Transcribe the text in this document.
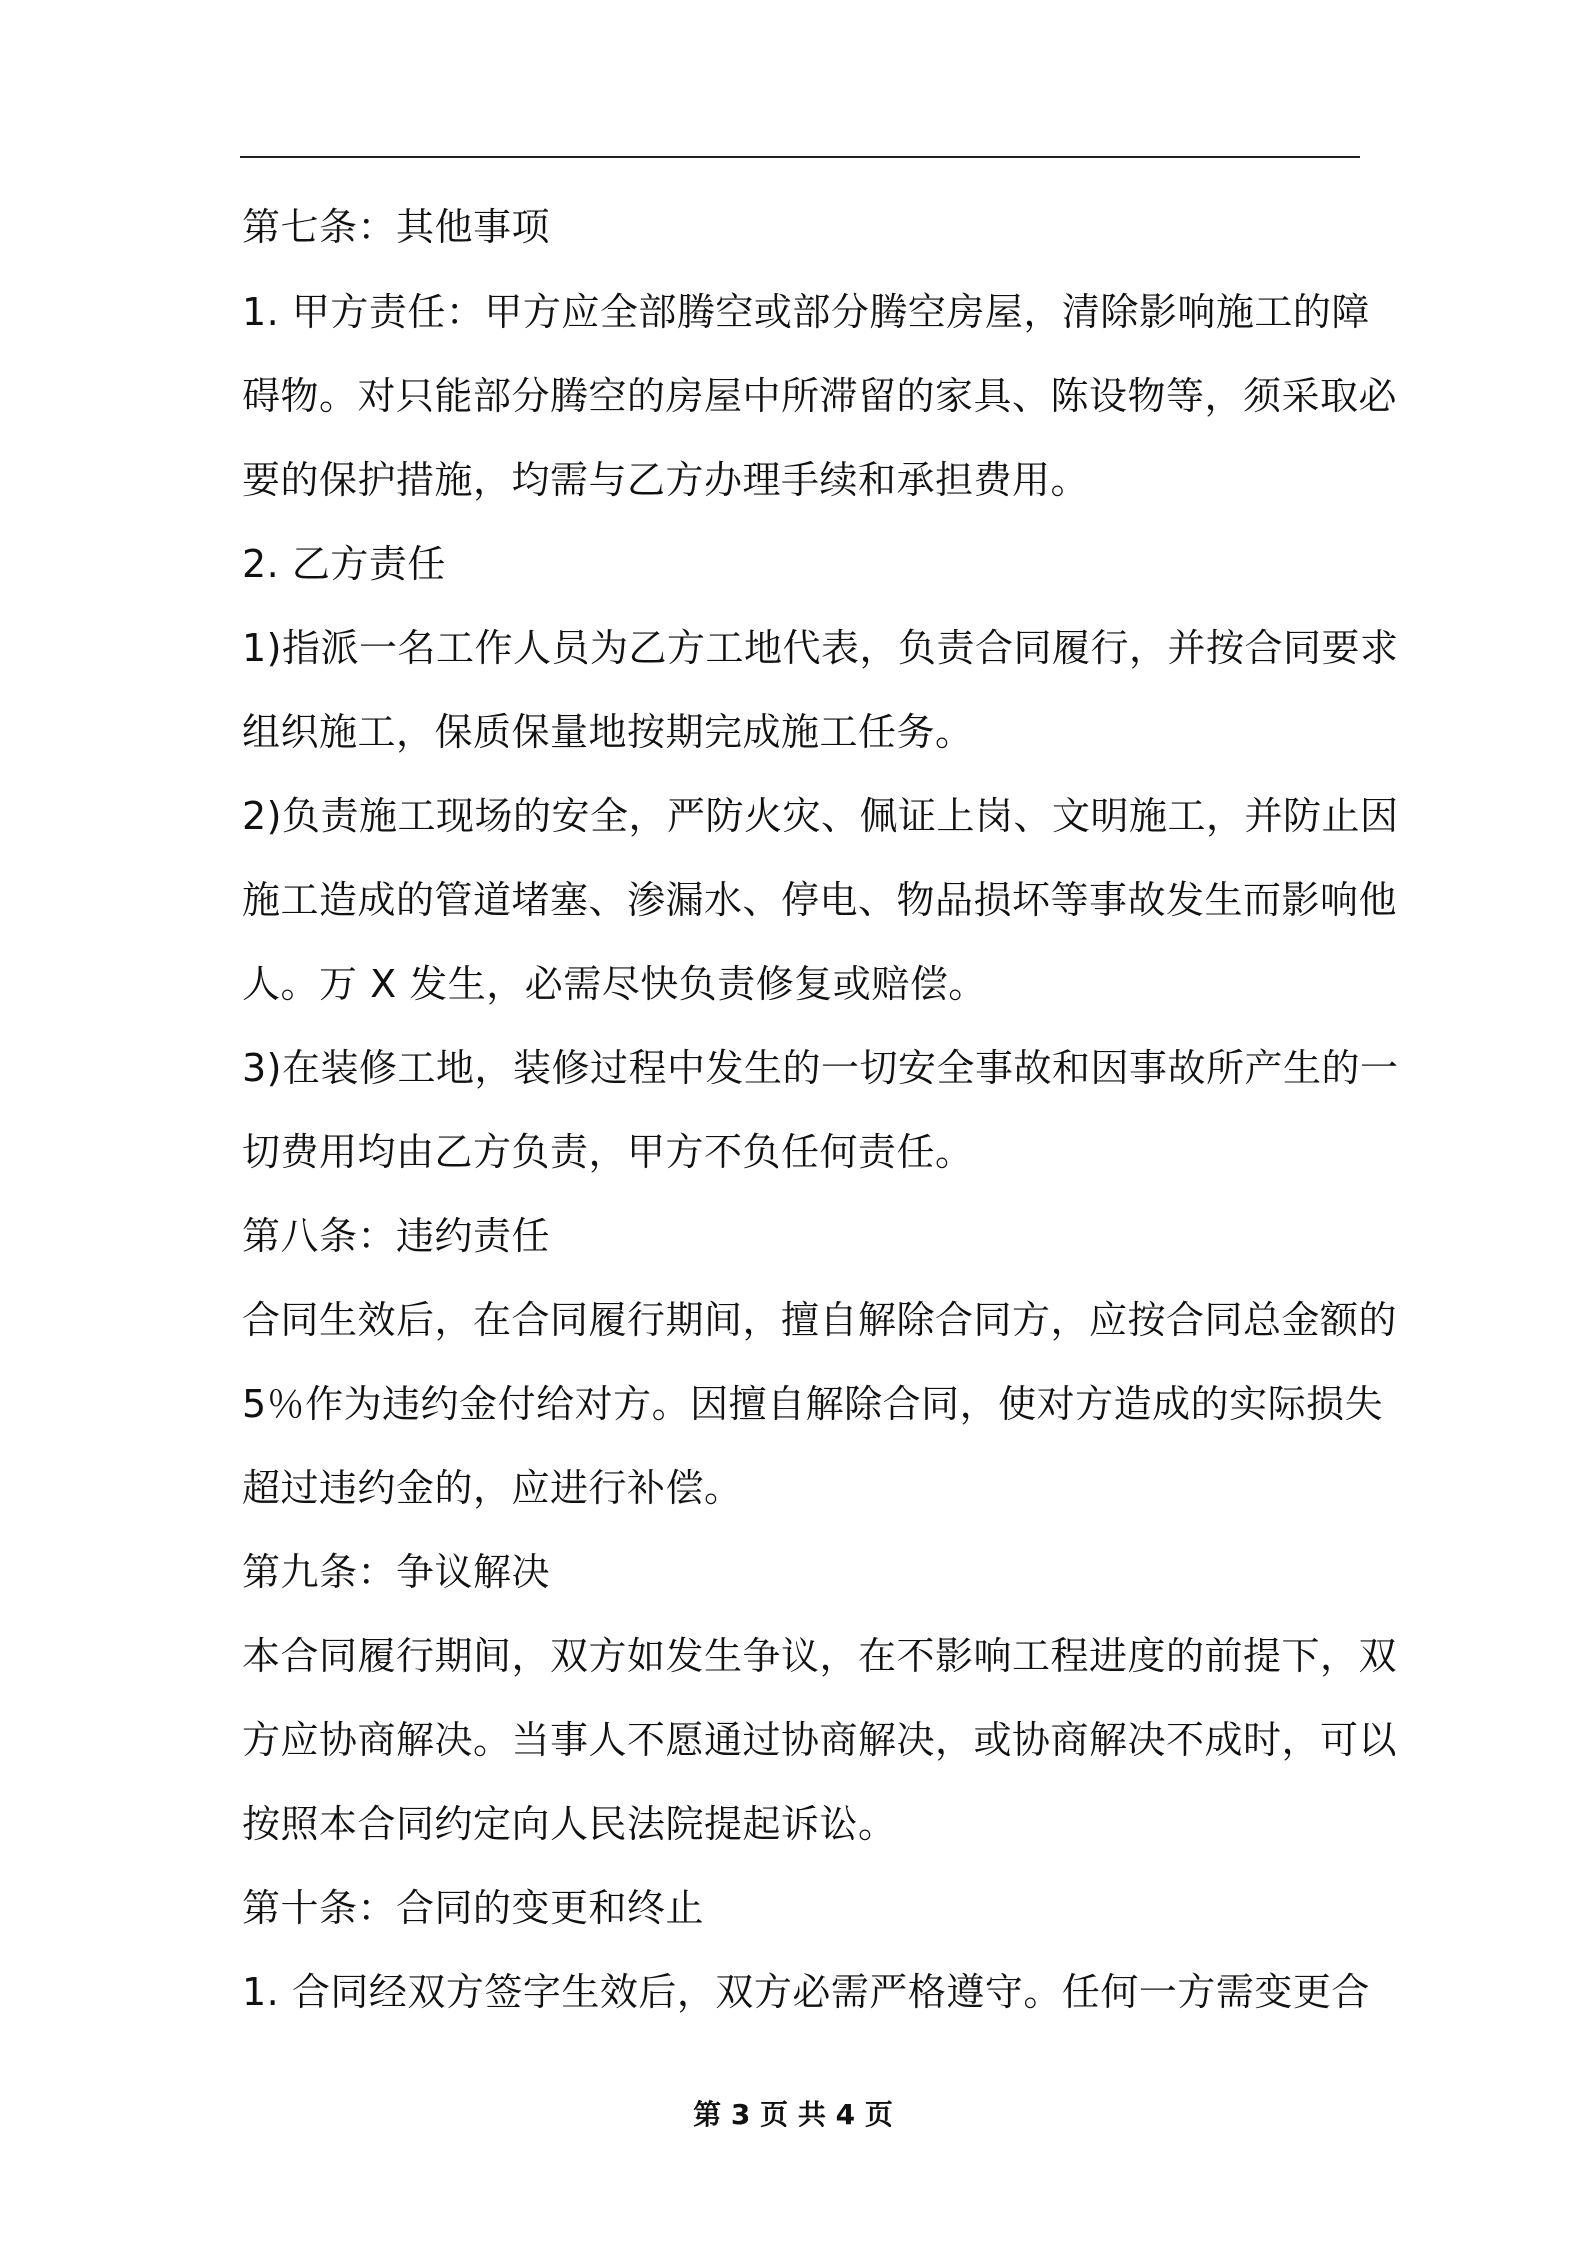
第七条：其他事项
1. 甲方责任：甲方应全部腾空或部分腾空房屋，清除影响施工的障
碍物。对只能部分腾空的房屋中所滞留的家具、陈设物等，须采取必
要的保护措施，均需与乙方办理手续和承担费用。
2. 乙方责任
1)指派一名工作人员为乙方工地代表，负责合同履行，并按合同要求
组织施工，保质保量地按期完成施工任务。
2)负责施工现场的安全，严防火灾、佩证上岗、文明施工，并防止因
施工造成的管道堵塞、渗漏水、停电、物品损坏等事故发生而影响他
人。万 X 发生，必需尽快负责修复或赔偿。
3)在装修工地，装修过程中发生的一切安全事故和因事故所产生的一
切费用均由乙方负责，甲方不负任何责任。
第八条：违约责任
合同生效后，在合同履行期间，擅自解除合同方，应按合同总金额的
5％作为违约金付给对方。因擅自解除合同，使对方造成的实际损失
超过违约金的，应进行补偿。
第九条：争议解决
本合同履行期间，双方如发生争议，在不影响工程进度的前提下，双
方应协商解决。当事人不愿通过协商解决，或协商解决不成时，可以
按照本合同约定向人民法院提起诉讼。
第十条：合同的变更和终止
1. 合同经双方签字生效后，双方必需严格遵守。任何一方需变更合
第 3 页 共 4 页
